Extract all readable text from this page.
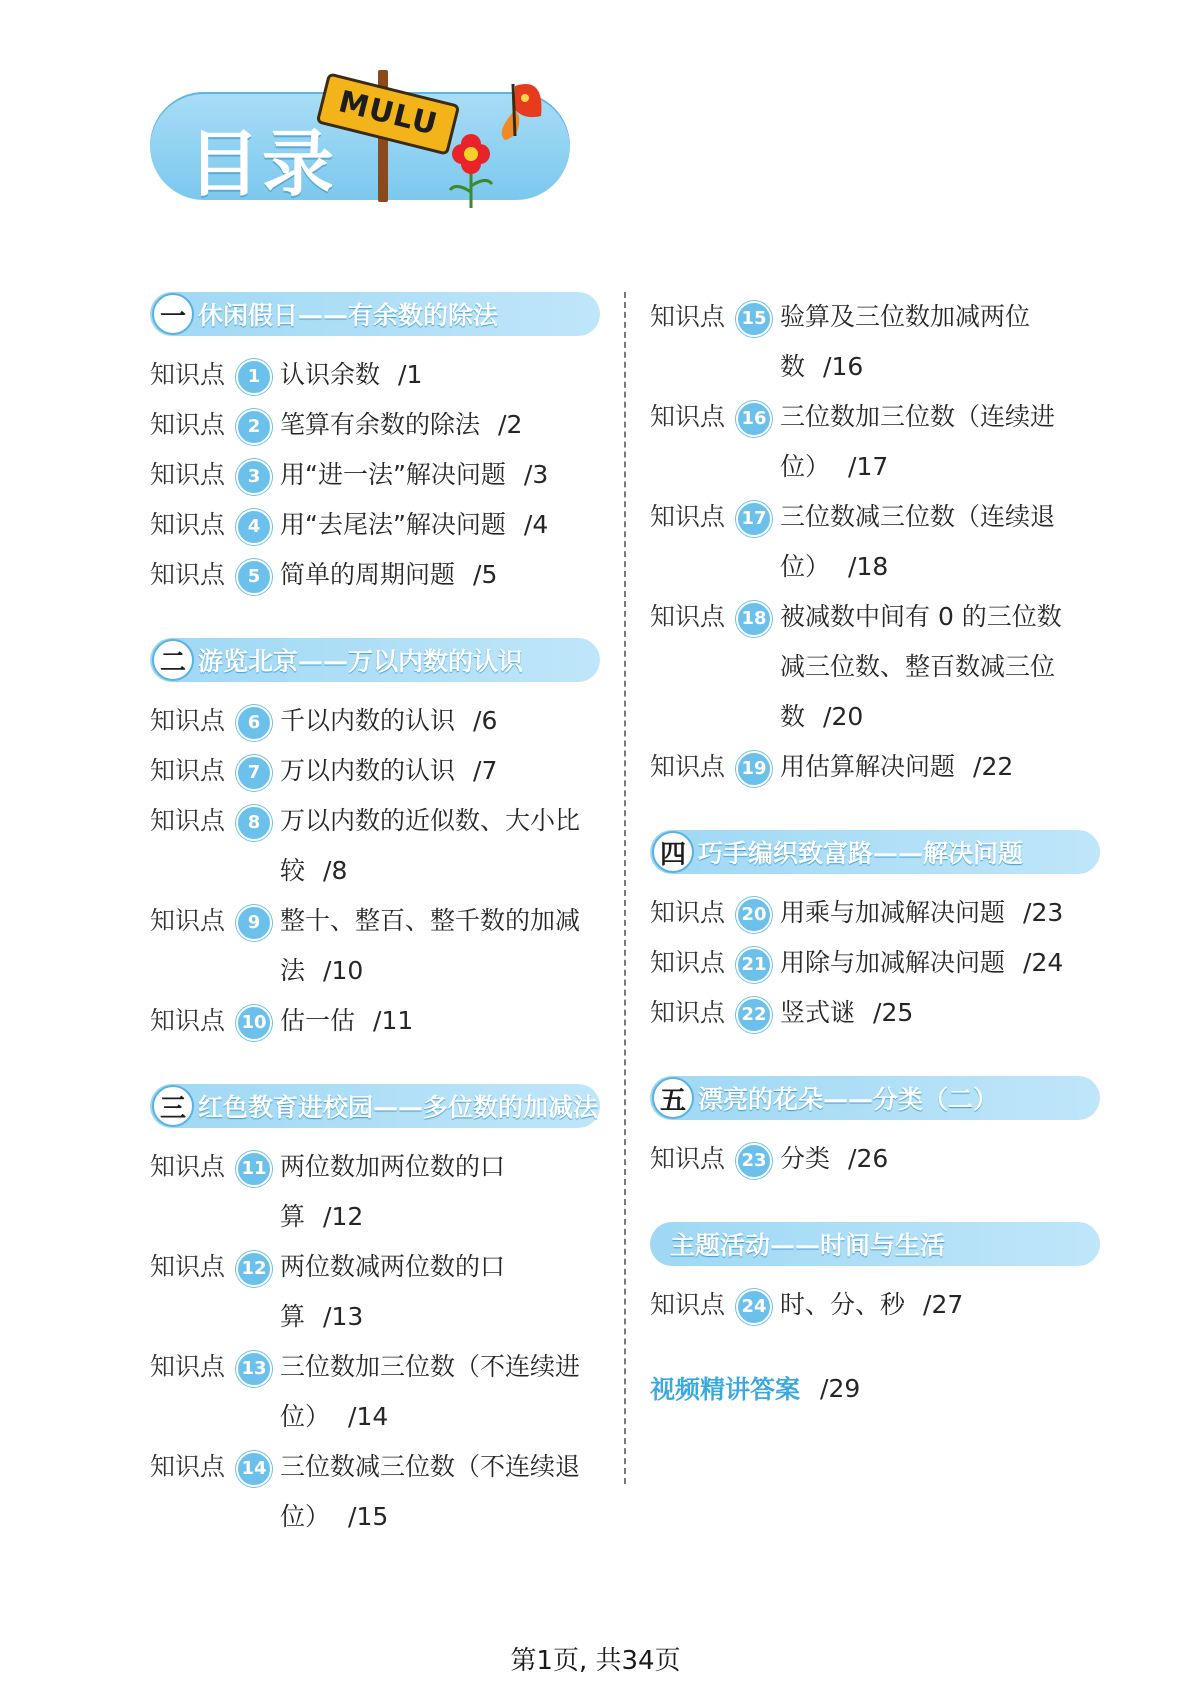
目录
MULU
一 休闲假日——有余数的除法
知识点	1 认识余数 /1
知识点	2 笔算有余数的除法 /2
知识点	3 用“进一法”解决问题 /3
知识点	4 用“去尾法”解决问题 /4
知识点	5 简单的周期问题 /5
二 游览北京——万以内数的认识
知识点	6 千以内数的认识 /6
知识点	7 万以内数的认识 /7
知识点	8 万以内数的近似数、大小比较 /8
知识点	9 整十、整百、整千数的加减法 /10
知识点 10 估一估 /11
三 红色教育进校园——多位数的加减法
知识点 11 两位数加两位数的口算 /12
知识点 12 两位数减两位数的口算 /13
知识点 13 三位数加三位数（不连续进位） /14
知识点 14 三位数减三位数（不连续退位） /15
知识点 15 验算及三位数加减两位数 /16
知识点 16 三位数加三位数（连续进位） /17
知识点 17 三位数减三位数（连续退位） /18
知识点 18 被减数中间有 0 的三位数减三位数、整百数减三位数 /20
知识点 19 用估算解决问题 /22
四 巧手编织致富路——解决问题
知识点 20 用乘与加减解决问题 /23
知识点 21 用除与加减解决问题 /24
知识点 22 竖式谜 /25
五 漂亮的花朵——分类（二）
知识点 23 分类 /26
主题活动——时间与生活
知识点 24 时、分、秒 /27
视频精讲答案 /29
第1页, 共34页
